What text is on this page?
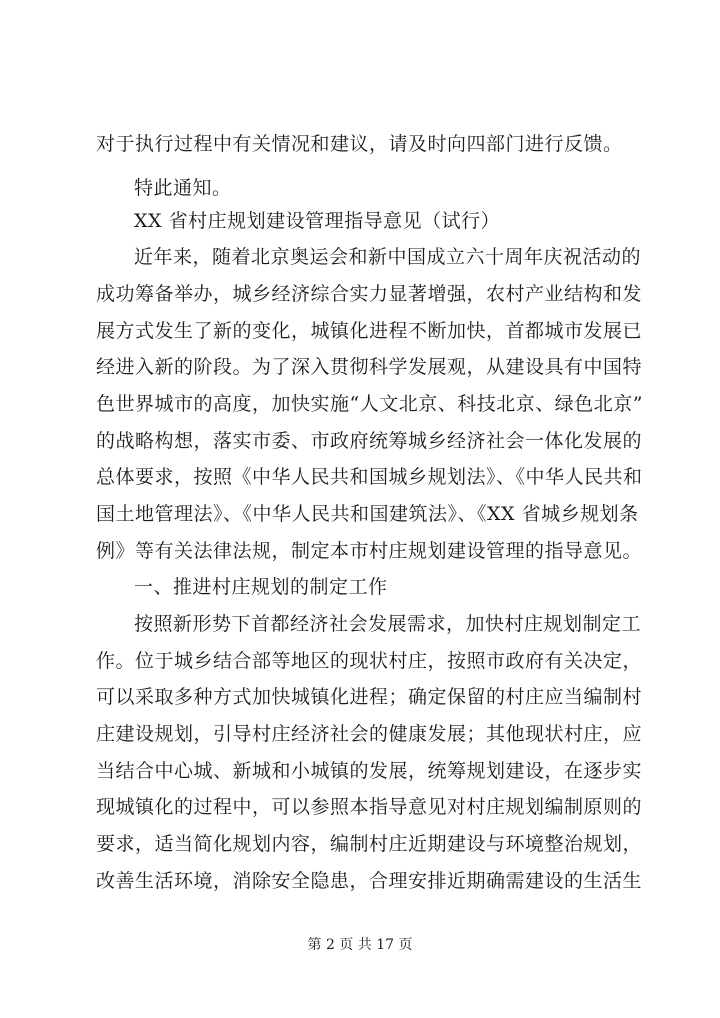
对于执行过程中有关情况和建议，请及时向四部门进行反馈。
特此通知。
XX 省村庄规划建设管理指导意见（试行）
近年来，随着北京奥运会和新中国成立六十周年庆祝活动的
成功筹备举办，城乡经济综合实力显著增强，农村产业结构和发
展方式发生了新的变化，城镇化进程不断加快，首都城市发展已
经进入新的阶段。为了深入贯彻科学发展观，从建设具有中国特
色世界城市的高度，加快实施“人文北京、科技北京、绿色北京”
的战略构想，落实市委、市政府统筹城乡经济社会一体化发展的
总体要求，按照《中华人民共和国城乡规划法》、《中华人民共和
国土地管理法》、《中华人民共和国建筑法》、《XX 省城乡规划条
例》等有关法律法规，制定本市村庄规划建设管理的指导意见。
一、推进村庄规划的制定工作
按照新形势下首都经济社会发展需求，加快村庄规划制定工
作。位于城乡结合部等地区的现状村庄，按照市政府有关决定，
可以采取多种方式加快城镇化进程；确定保留的村庄应当编制村
庄建设规划，引导村庄经济社会的健康发展；其他现状村庄，应
当结合中心城、新城和小城镇的发展，统筹规划建设，在逐步实
现城镇化的过程中，可以参照本指导意见对村庄规划编制原则的
要求，适当简化规划内容，编制村庄近期建设与环境整治规划，
改善生活环境，消除安全隐患，合理安排近期确需建设的生活生
第 2 页 共 17 页
